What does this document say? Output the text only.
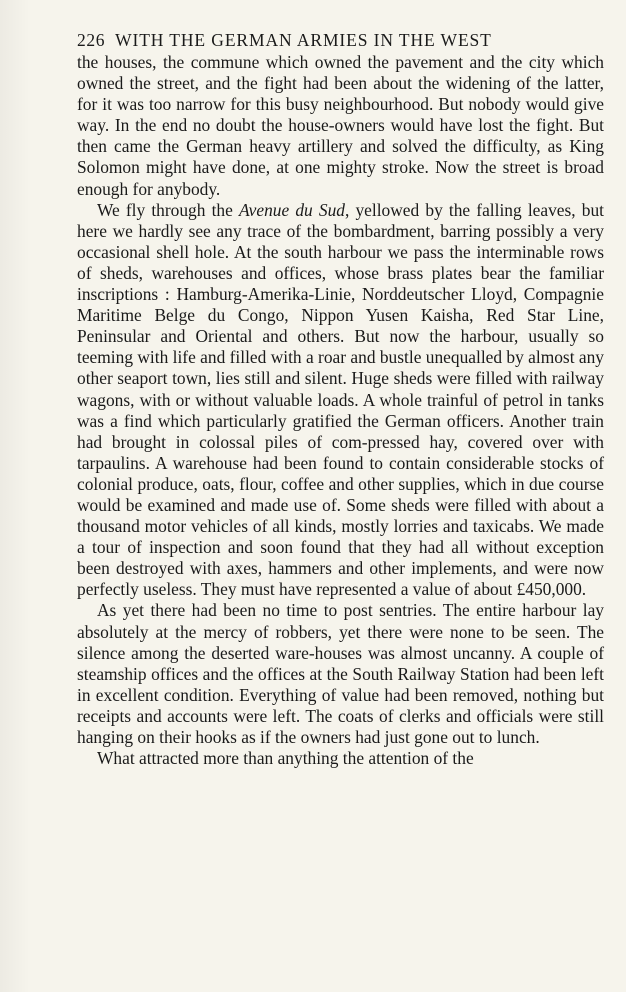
226 WITH THE GERMAN ARMIES IN THE WEST

the houses, the commune which owned the pavement and the city which owned the street, and the fight had been about the widening of the latter, for it was too narrow for this busy neighbourhood. But nobody would give way. In the end no doubt the house-owners would have lost the fight. But then came the German heavy artillery and solved the difficulty, as King Solomon might have done, at one mighty stroke. Now the street is broad enough for anybody.

We fly through the Avenue du Sud, yellowed by the falling leaves, but here we hardly see any trace of the bombardment, barring possibly a very occasional shell hole. At the south harbour we pass the interminable rows of sheds, warehouses and offices, whose brass plates bear the familiar inscriptions : Hamburg-Amerika-Linie, Norddeutscher Lloyd, Compagnie Maritime Belge du Congo, Nippon Yusen Kaisha, Red Star Line, Peninsular and Oriental and others. But now the harbour, usually so teeming with life and filled with a roar and bustle unequalled by almost any other seaport town, lies still and silent. Huge sheds were filled with railway wagons, with or without valuable loads. A whole trainful of petrol in tanks was a find which particularly gratified the German officers. Another train had brought in colossal piles of com-pressed hay, covered over with tarpaulins. A warehouse had been found to contain considerable stocks of colonial produce, oats, flour, coffee and other supplies, which in due course would be examined and made use of. Some sheds were filled with about a thousand motor vehicles of all kinds, mostly lorries and taxicabs. We made a tour of inspection and soon found that they had all without exception been destroyed with axes, hammers and other implements, and were now perfectly useless. They must have represented a value of about £450,000.

As yet there had been no time to post sentries. The entire harbour lay absolutely at the mercy of robbers, yet there were none to be seen. The silence among the deserted ware-houses was almost uncanny. A couple of steamship offices and the offices at the South Railway Station had been left in excellent condition. Everything of value had been removed, nothing but receipts and accounts were left. The coats of clerks and officials were still hanging on their hooks as if the owners had just gone out to lunch.

What attracted more than anything the attention of the
